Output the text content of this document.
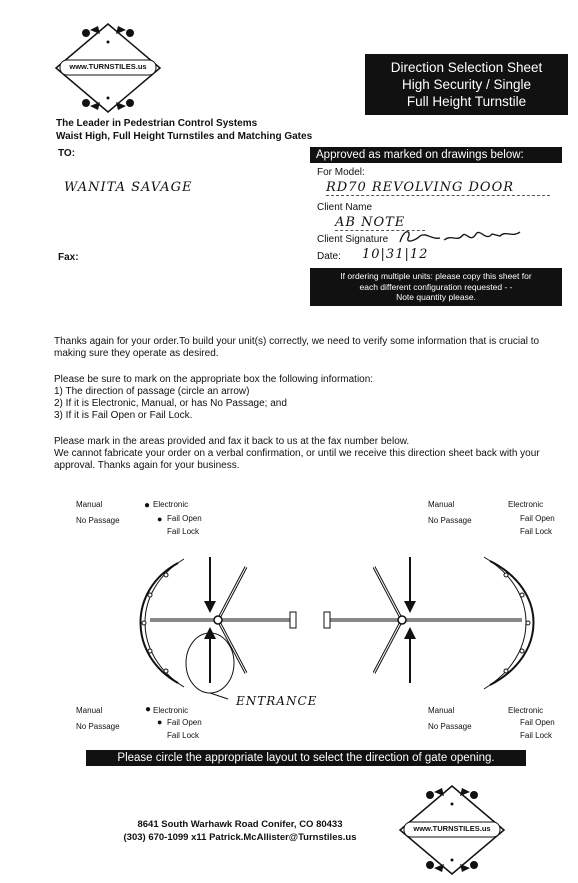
www.TURNSTILES.us	Direction Selection Sheet
High Security / Single
Full Height Turnstile
The Leader in Pedestrian Control Systems
Waist High, Full Height Turnstiles and Matching Gates
TO:
WANITA SAVAGE
Fax:
Approved as marked on drawings below:
For Model:
RD70 REVOLVING DOOR
Client Name
AB NOTE
Client Signature
Date: 10|31|12
If ordering multiple units: please copy this sheet for
each different configuration requested - -
Note quantity please.
Thanks again for your order.To build your unit(s) correctly, we need to verify some information that is crucial to making sure they operate as desired.
Please be sure to mark on the appropriate box the following information:
1) The direction of passage (circle an arrow)
2) If it is Electronic, Manual, or has No Passage; and
3) If it is Fail Open or Fail Lock.
Please mark in the areas provided and fax it back to us at the fax number below.
We cannot fabricate your order on a verbal confirmation, or until we receive this direction sheet back with your approval. Thanks again for your business.
Manual
No Passage
● Electronic
● Fail Open
Fail Lock
Manual
No Passage
Electronic
Fail Open
Fail Lock
ENTRANCE
Manual
No Passage
● Electronic
● Fail Open
Fail Lock
Manual
No Passage
Electronic
Fail Open
Fail Lock
Please circle the appropriate layout to select the direction of gate opening.
8641 South Warhawk Road Conifer, CO 80433
(303) 670-1099 x11 Patrick.McAllister@Turnstiles.us
www.TURNSTILES.us
